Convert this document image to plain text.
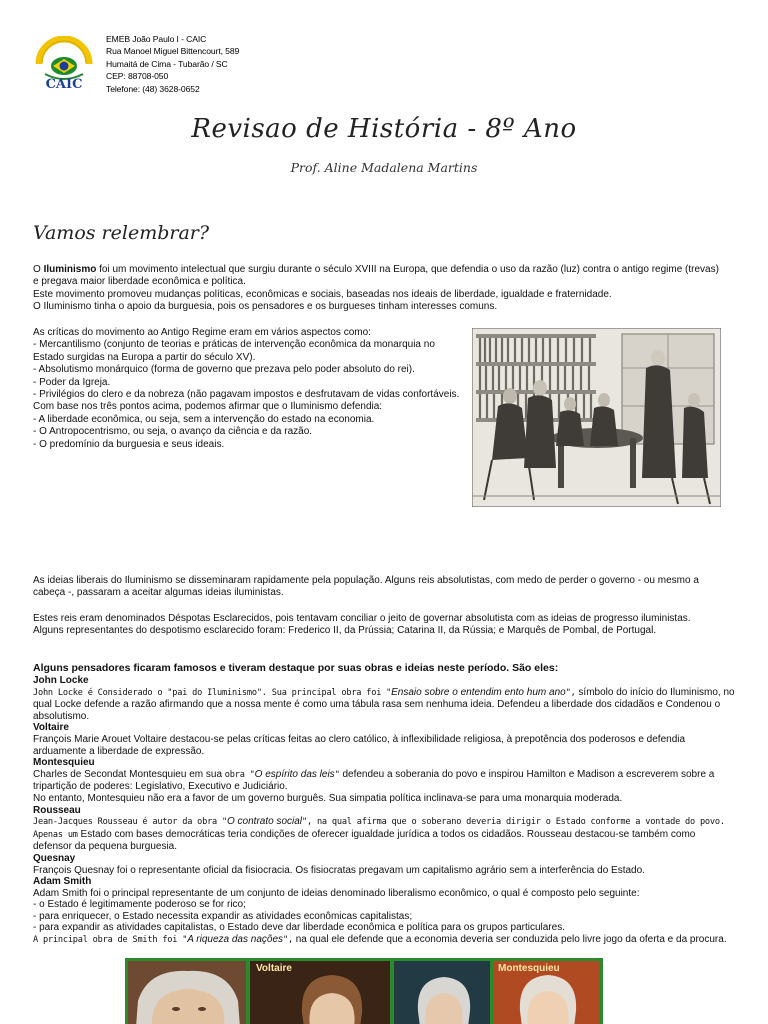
CAIC
EMEB João Paulo I - CAIC
Rua Manoel Miguel Bittencourt, 589
Humaitá de Cima - Tubarão / SC
CEP: 88708-050
Telefone: (48) 3628-0652
Revisao de História - 8º Ano
Prof. Aline Madalena Martins
Vamos relembrar?

O Iluminismo foi um movimento intelectual que surgiu durante o século XVIII na Europa, que defendia o uso da razão (luz) contra o antigo regime (trevas) e pregava maior liberdade econômica e política.

Este movimento promoveu mudanças políticas, econômicas e sociais, baseadas nos ideais de liberdade, igualdade e fraternidade.

O Iluminismo tinha o apoio da burguesia, pois os pensadores e os burgueses tinham interesses comuns.

As críticas do movimento ao Antigo Regime eram em vários aspectos como:

- Mercantilismo (conjunto de teorias e práticas de intervenção econômica da monarquia no Estado surgidas na Europa a partir do século XV).

- Absolutismo monárquico (forma de governo que prezava pelo poder absoluto do rei).

- Poder da Igreja.

- Privilégios do clero e da nobreza (não pagavam impostos e desfrutavam de vidas confortáveis.

Com base nos três pontos acima, podemos afirmar que o Iluminismo defendia:

- A liberdade econômica, ou seja, sem a intervenção do estado na economia.

- O Antropocentrismo, ou seja, o avanço da ciência e da razão.

- O predomínio da burguesia e seus ideais.

As ideias liberais do Iluminismo se disseminaram rapidamente pela população. Alguns reis absolutistas, com medo de perder o governo - ou mesmo a cabeça -, passaram a aceitar algumas ideias iluministas.

Estes reis eram denominados Déspotas Esclarecidos, pois tentavam conciliar o jeito de governar absolutista com as ideias de progresso iluministas.

Alguns representantes do despotismo esclarecido foram: Frederico II, da Prússia; Catarina II, da Rússia; e Marquês de Pombal, de Portugal.

Alguns pensadores ficaram famosos e tiveram destaque por suas obras e ideias neste período. São eles:
John Locke
John Locke é Considerado o "pai do Iluminismo". Sua principal obra foi "Ensaio sobre o entendim ento hum ano", símbolo do início do Iluminismo, no qual Locke defende a razão afirmando que a nossa mente é como uma tábula rasa sem nenhuma ideia. Defendeu a liberdade dos cidadãos e Condenou o absolutismo.
Voltaire
François Marie Arouet Voltaire destacou-se pelas críticas feitas ao clero católico, à inflexibilidade religiosa, à prepotência dos poderosos e defendia arduamente a liberdade de expressão.
Montesquieu
Charles de Secondat Montesquieu em sua obra "O espírito das leis" defendeu a soberania do povo e inspirou Hamilton e Madison a escreverem sobre a tripartição de poderes: Legislativo, Executivo e Judiciário.
No entanto, Montesquieu não era a favor de um governo burguês. Sua simpatia política inclinava-se para uma monarquia moderada.
Rousseau
Jean-Jacques Rousseau é autor da obra "O contrato social", na qual afirma que o soberano deveria dirigir o Estado conforme a vontade do povo. Apenas um Estado com bases democráticas teria condições de oferecer igualdade jurídica a todos os cidadãos. Rousseau destacou-se também como defensor da pequena burguesia.
Quesnay
François Quesnay foi o representante oficial da fisiocracia. Os fisiocratas pregavam um capitalismo agrário sem a interferência do Estado.
Adam Smith
Adam Smith foi o principal representante de um conjunto de ideias denominado liberalismo econômico, o qual é composto pelo seguinte:
- o Estado é legitimamente poderoso se for rico;
- para enriquecer, o Estado necessita expandir as atividades econômicas capitalistas;
- para expandir as atividades capitalistas, o Estado deve dar liberdade econômica e política para os grupos particulares.
A principal obra de Smith foi "A riqueza das nações", na qual ele defende que a economia deveria ser conduzida pelo livre jogo da oferta e da procura.
Voltaire	Montesquieu
